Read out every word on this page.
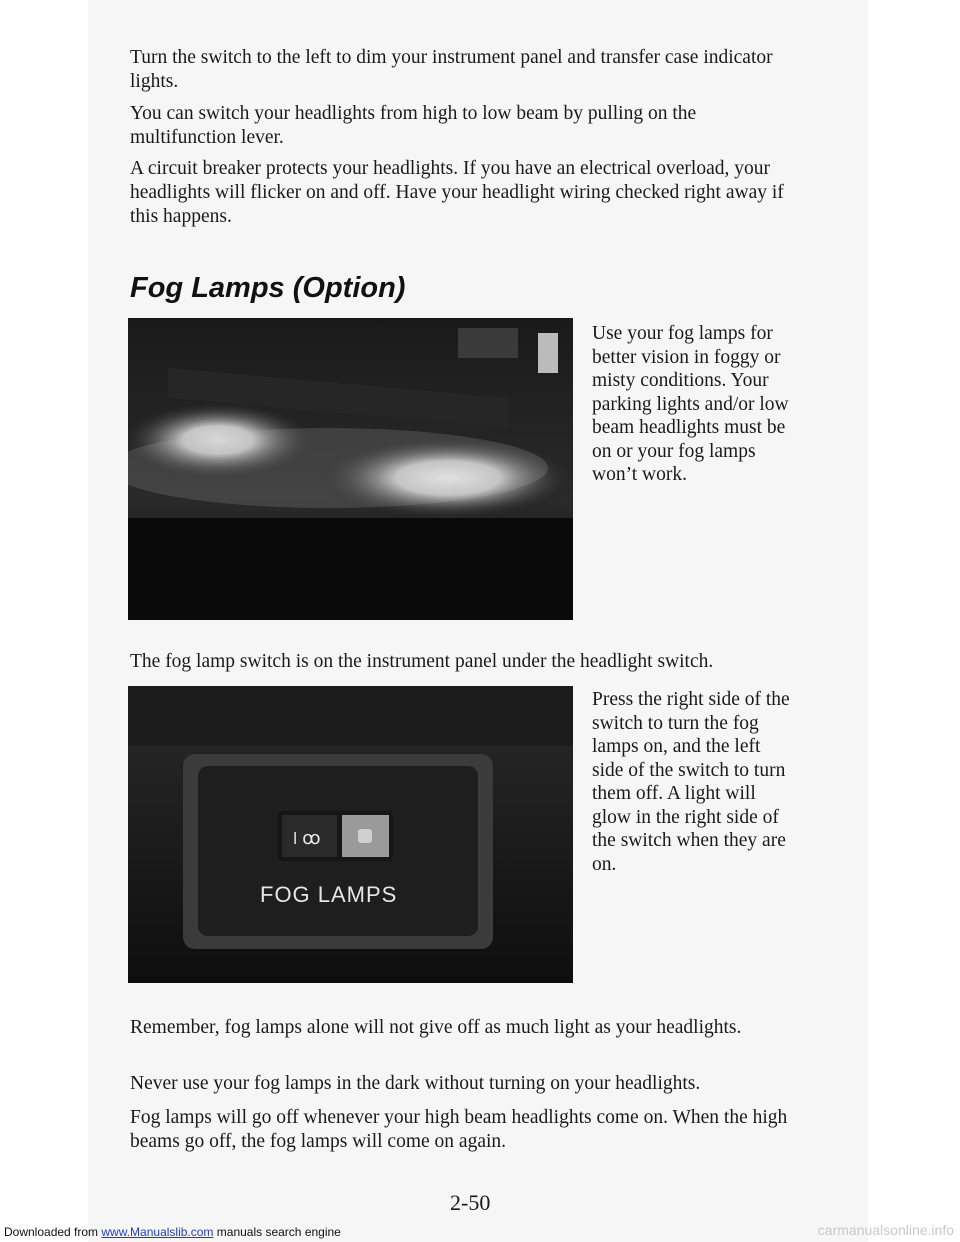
Turn the switch to the left to dim your instrument panel and transfer case indicator lights.

You can switch your headlights from high to low beam by pulling on the multifunction lever.

A circuit breaker protects your headlights. If you have an electrical overload, your headlights will flicker on and off. Have your headlight wiring checked right away if this happens.

Fog Lamps (Option)

Use your fog lamps for better vision in foggy or misty conditions. Your parking lights and/or low beam headlights must be on or your fog lamps won’t work.

The fog lamp switch is on the instrument panel under the headlight switch.

⏽ꝏ
FOG LAMPS

Press the right side of the switch to turn the fog lamps on, and the left side of the switch to turn them off. A light will glow in the right side of the switch when they are on.

Remember, fog lamps alone will not give off as much light as your headlights.

Never use your fog lamps in the dark without turning on your headlights.

Fog lamps will go off whenever your high beam headlights come on. When the high beams go off, the fog lamps will come on again.

2-50
Downloaded from www.Manualslib.com manuals search engine	carmanualsonline.info
